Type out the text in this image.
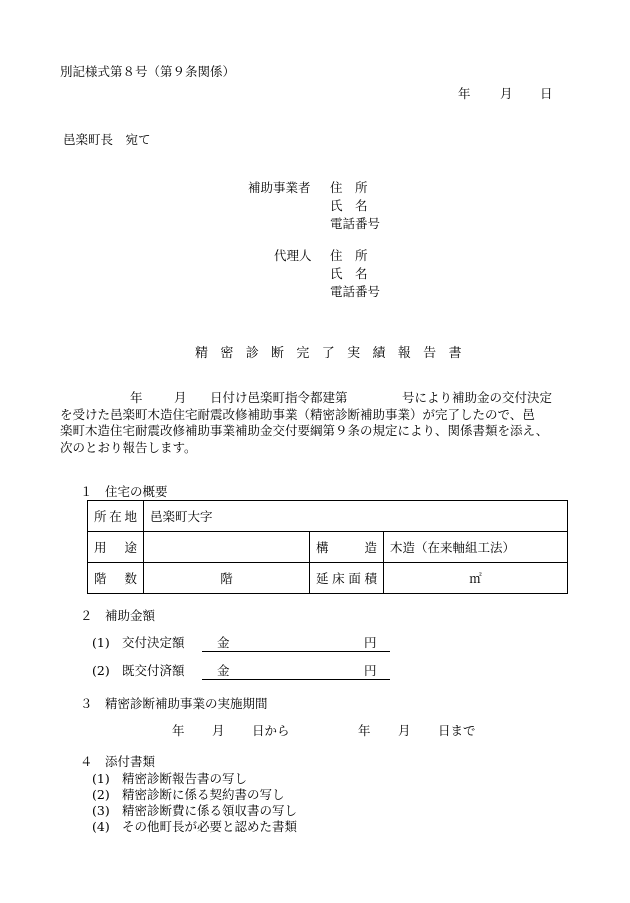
別記様式第８号（第９条関係）
年 月 日
邑楽町長　宛て
補助事業者 住　所
氏　名
電話番号
代理人 住　所
氏　名
電話番号
精密診断完了実績報告書

年	月 日付け邑楽町指令都建第	号により補助金の交付決定

を受けた邑楽町木造住宅耐震改修補助事業（精密診断補助事業）が完了したので、邑

楽町木造住宅耐震改修補助事業補助金交付要綱第９条の規定により、関係書類を添え、

次のとおり報告します。

１　住宅の概要
所在地	邑楽町大字		
用　途		構　造	木造（在来軸組工法）
階　数	階	延床面積	㎡
２　補助金額
(1) 交付決定額	金	円
(2) 既交付済額	金	円
３　精密診断補助事業の実施期間
年 月 日から	年 月 日まで
４　添付書類
(1) 精密診断報告書の写し
(2) 精密診断に係る契約書の写し
(3) 精密診断費に係る領収書の写し
(4) その他町長が必要と認めた書類
